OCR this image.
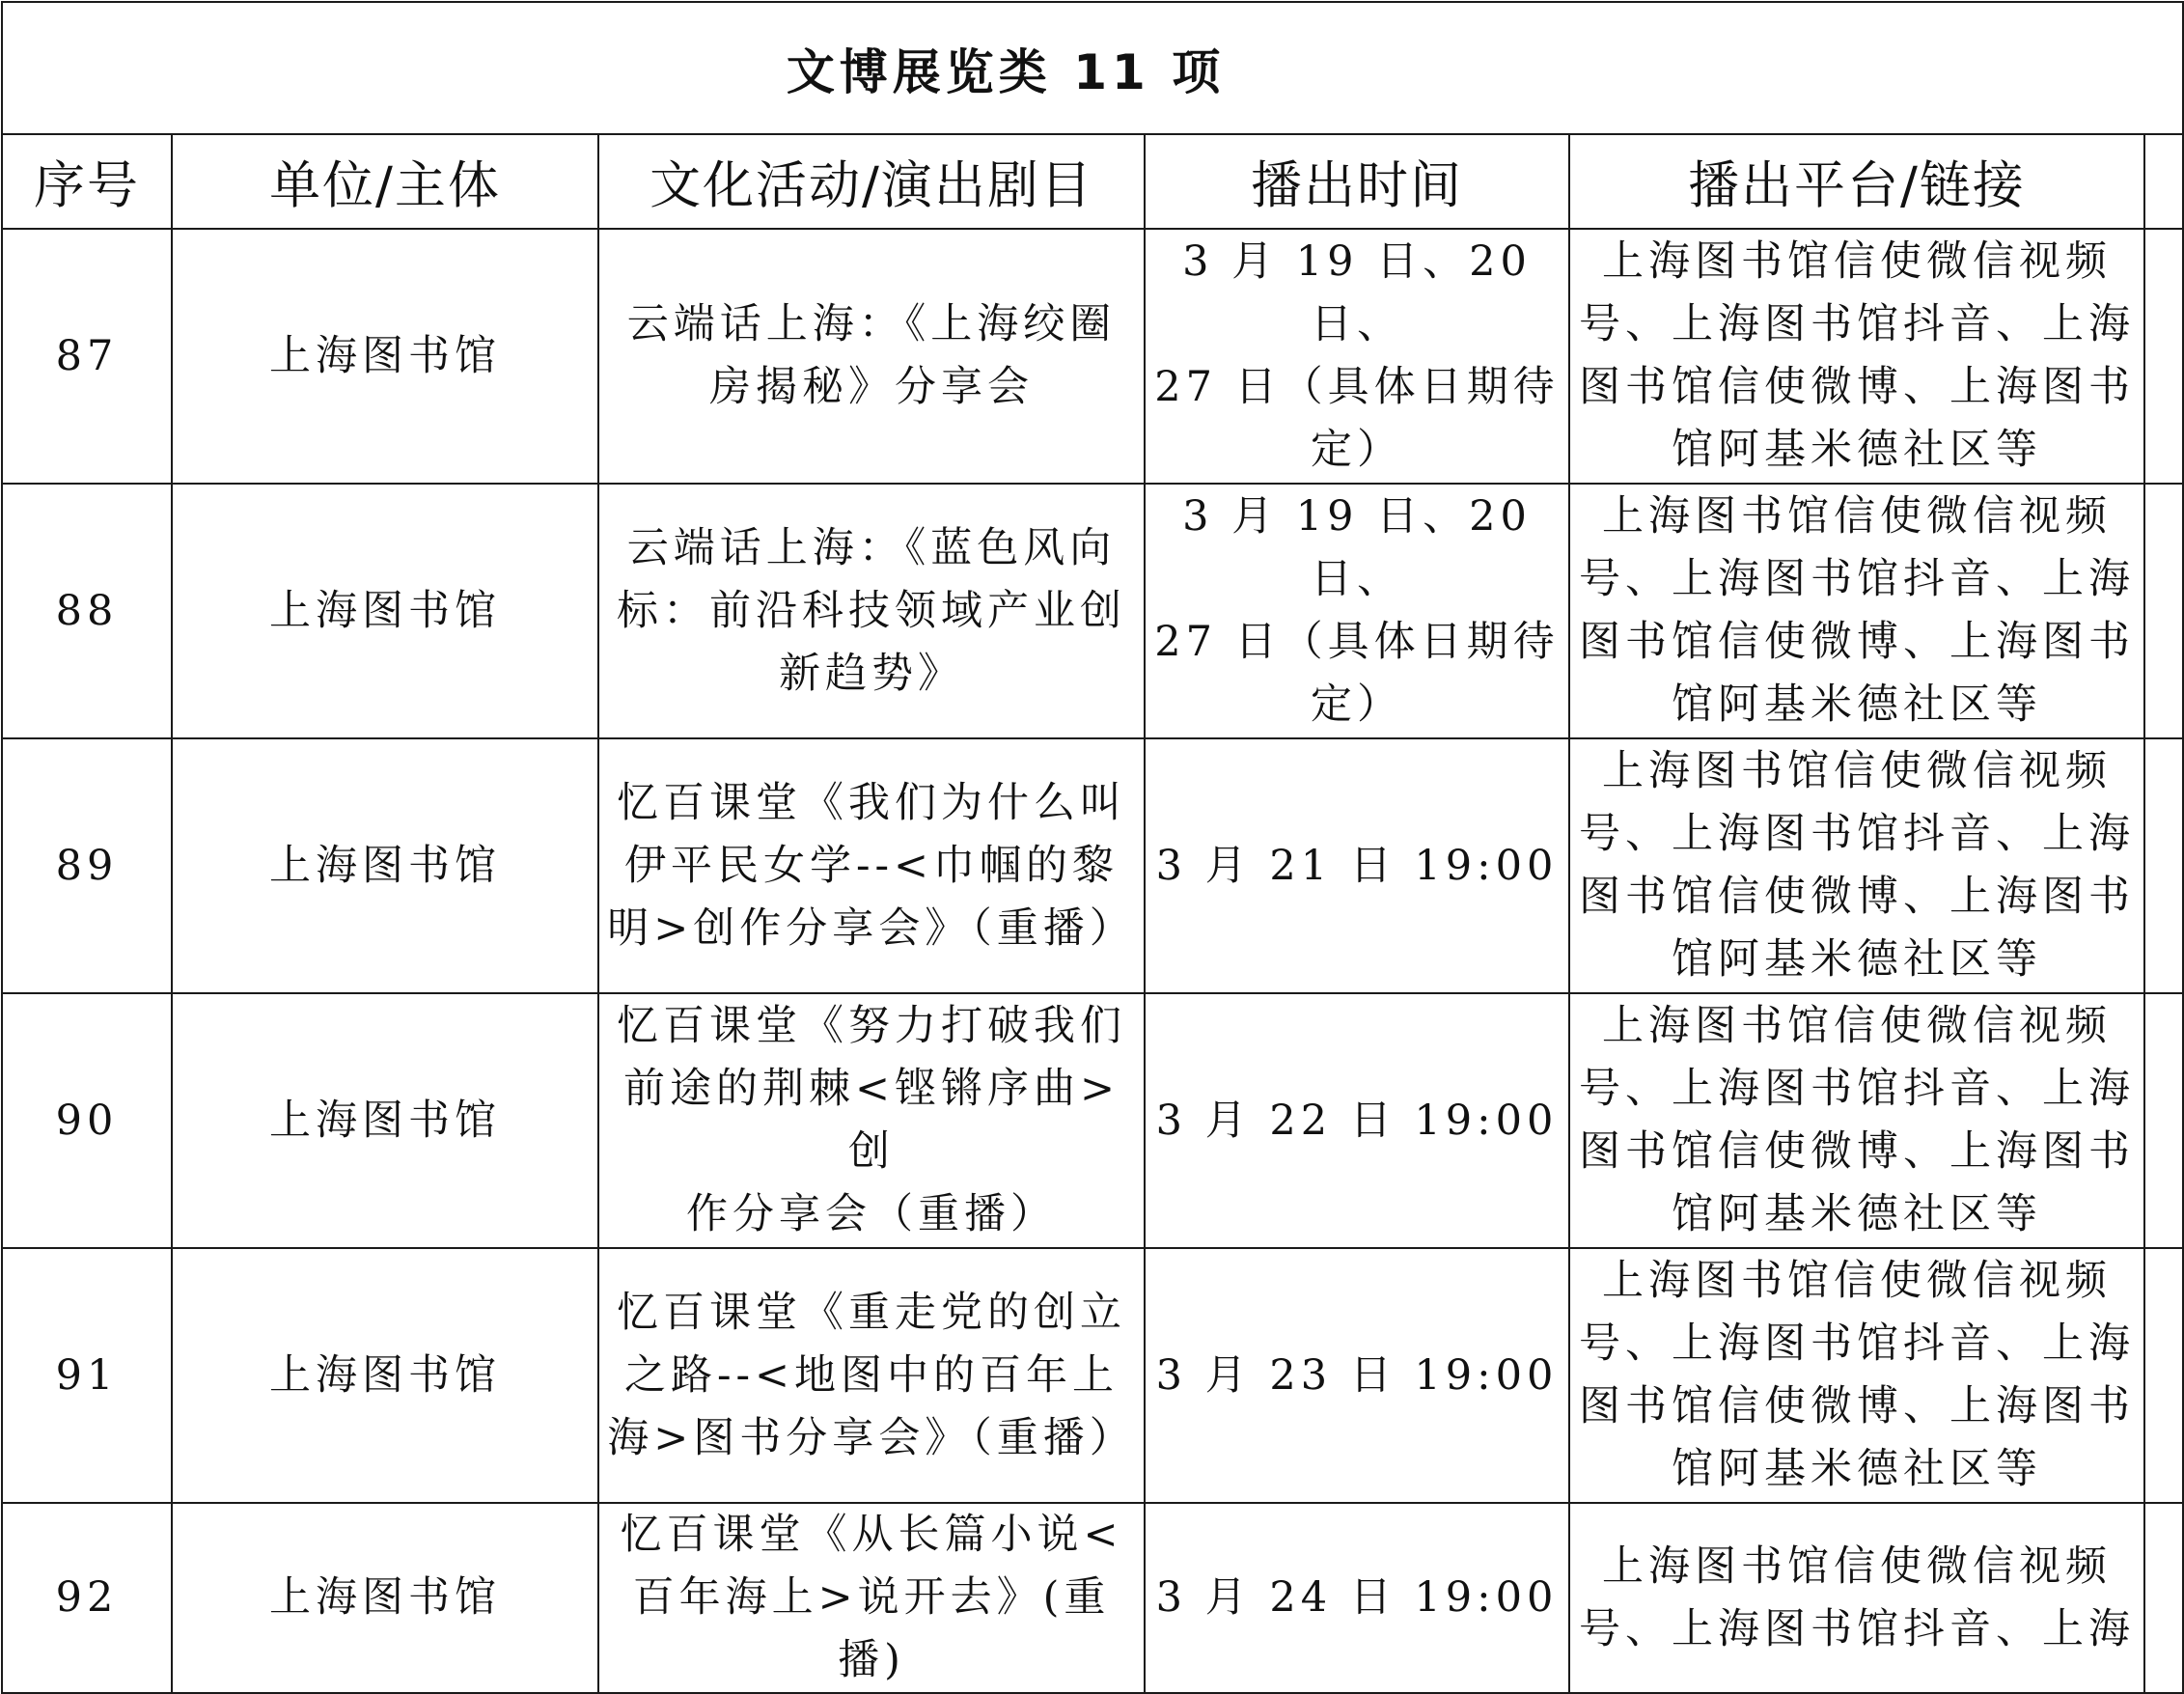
文博展览类 11 项					
序号	单位/主体	文化活动/演出剧目	播出时间	播出平台/链接	

87	上海图书馆	云端话上海：《上海绞圈
房揭秘》分享会	3 月 19 日、20 日、
27 日（具体日期待
定）	上海图书馆信使微信视频
号、上海图书馆抖音、上海
图书馆信使微博、上海图书
馆阿基米德社区等	

88	上海图书馆	云端话上海：《蓝色风向
标：前沿科技领域产业创
新趋势》	3 月 19 日、20 日、
27 日（具体日期待
定）	上海图书馆信使微信视频
号、上海图书馆抖音、上海
图书馆信使微博、上海图书
馆阿基米德社区等	

89	上海图书馆	忆百课堂《我们为什么叫
伊平民女学--<巾帼的黎
明>创作分享会》（重播）	3 月 21 日 19:00	上海图书馆信使微信视频
号、上海图书馆抖音、上海
图书馆信使微博、上海图书
馆阿基米德社区等	

90	上海图书馆	忆百课堂《努力打破我们
前途的荆棘<铿锵序曲>创
作分享会（重播）	3 月 22 日 19:00	上海图书馆信使微信视频
号、上海图书馆抖音、上海
图书馆信使微博、上海图书
馆阿基米德社区等	

91	上海图书馆	忆百课堂《重走党的创立
之路--<地图中的百年上
海>图书分享会》（重播）	3 月 23 日 19:00	上海图书馆信使微信视频
号、上海图书馆抖音、上海
图书馆信使微博、上海图书
馆阿基米德社区等	

92	上海图书馆	忆百课堂《从长篇小说<
百年海上>说开去》(重播)	3 月 24 日 19:00	上海图书馆信使微信视频
号、上海图书馆抖音、上海	
